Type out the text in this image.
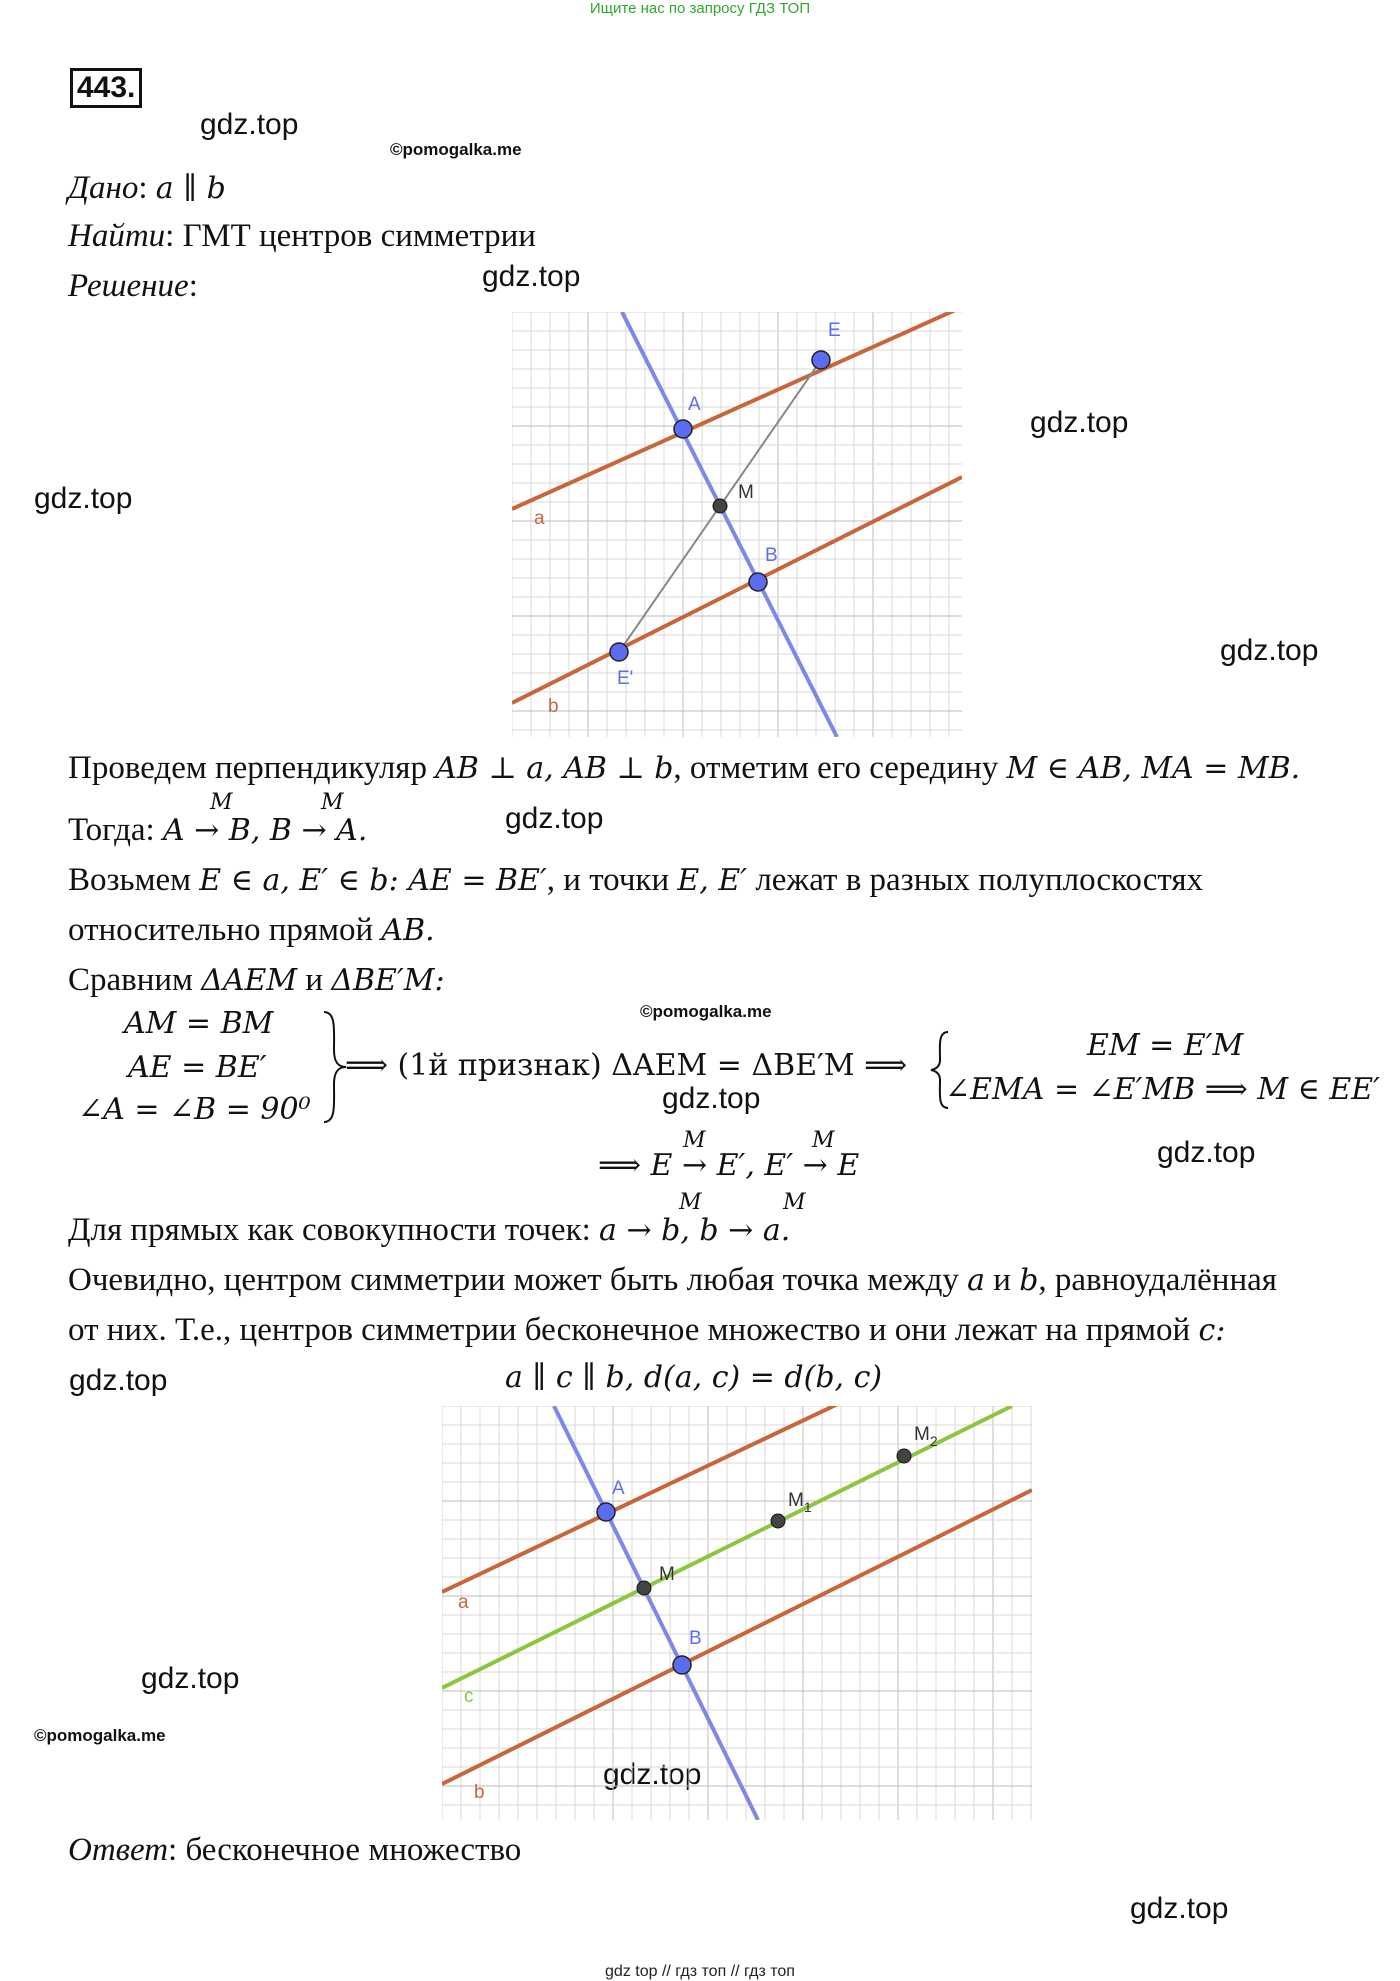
Ищите нас по запросу ГДЗ ТОП
443.
gdz.top
©pomogalka.me
gdz.top
gdz.top
gdz.top
gdz.top
gdz.top
©pomogalka.me
gdz.top
gdz.top
gdz.top
gdz.top
©pomogalka.me
gdz.top
gdz.top
Дано: a ∥ b
Найти: ГМТ центров симметрии
Решение:
A
E
M
B
E'
a
b
Проведем перпендикуляр AB ⊥ a, AB ⊥ b, отметим его середину M ∈ AB, MA = MB.
Тогда: A → B, B → A.
M	M
Возьмем E ∈ a, E′ ∈ b: AE = BE′, и точки E, E′ лежат в разных полуплоскостях
относительно прямой AB.
Сравним ΔAEM и ΔBE′M:
AM = BM
AE = BE′
∠A = ∠B = 90⁰
⟹ (1й признак) ΔAEM = ΔBE′M ⟹
EM = E′M
∠EMA = ∠E′MB ⟹ M ∈ EE′
⟹ E → E′, E′ → E
M	M
Для прямых как совокупности точек: a → b, b → a.
M	M
Очевидно, центром симметрии может быть любая точка между a и b, равноудалённая
от них. Т.е., центров симметрии бесконечное множество и они лежат на прямой c:
a ∥ c ∥ b, d(a, c) = d(b, c)
A
M
$M_1$
$M_2$
B
a
c
b
Ответ: бесконечное множество
gdz top // гдз топ // гдз топ
